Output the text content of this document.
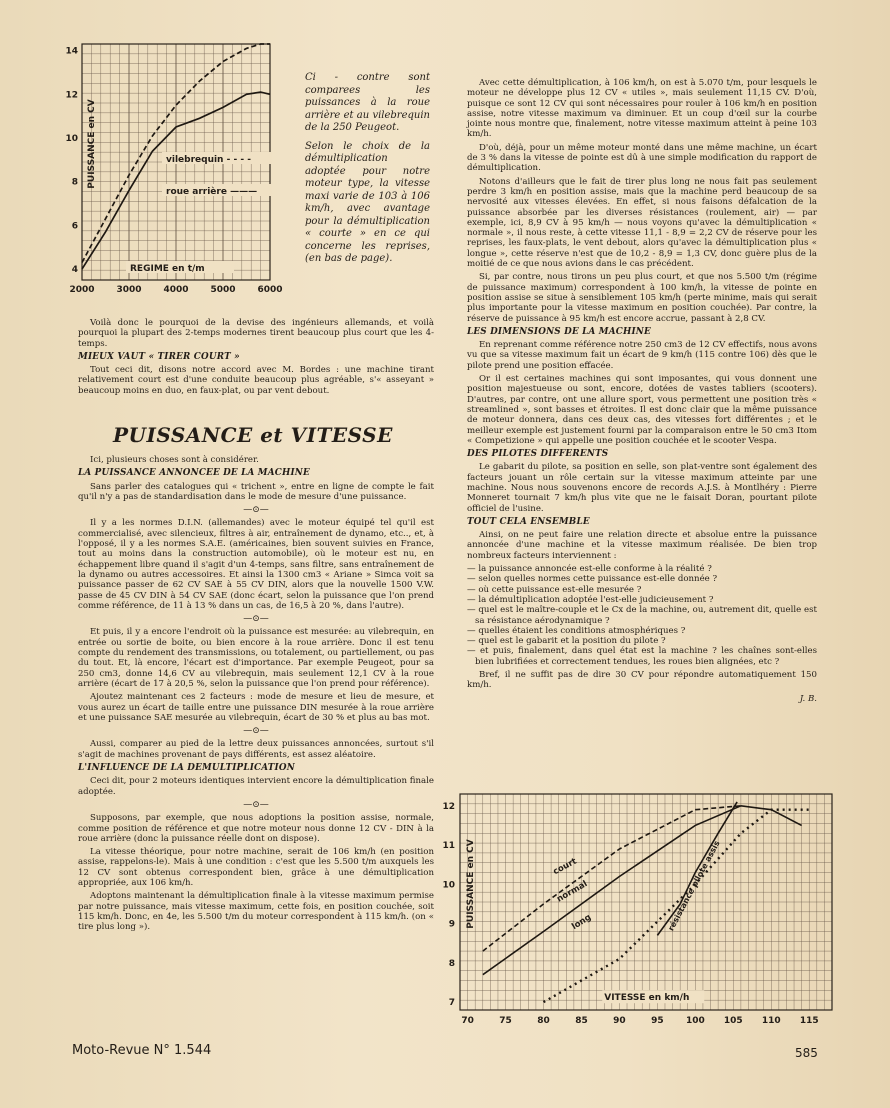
2000 3000 4000 5000 6000
4
6
8
10
12
14
PUISSANCE en CV	vilebrequin - - - -
roue arrière ———
REGIME en t/m

Ci - contre sont comparees les puissances à la roue arrière et au vilebrequin de la 250 Peugeot.

Selon le choix de la démultiplication adoptée pour notre moteur type, la vitesse maxi varie de 103 à 106 km/h, avec avantage pour la démultiplication « courte » en ce qui concerne les reprises, (en bas de page).

Voilà donc le pourquoi de la devise des ingénieurs allemands, et voilà pourquoi la plupart des 2-temps modernes tirent beaucoup plus court que les 4-temps.

MIEUX VAUT « TIRER COURT »

Tout ceci dit, disons notre accord avec M. Bordes : une machine tirant relativement court est d'une conduite beaucoup plus agréable, s'« asseyant » beaucoup moins en duo, en faux-plat, ou par vent debout.

PUISSANCE et VITESSE

Ici, plusieurs choses sont à considérer.

LA PUISSANCE ANNONCEE DE LA MACHINE

Sans parler des catalogues qui « trichent », entre en ligne de compte le fait qu'il n'y a pas de standardisation dans le mode de mesure d'une puissance.

—⊙—

Il y a les normes D.I.N. (allemandes) avec le moteur équipé tel qu'il est commercialisé, avec silencieux, filtres à air, entraînement de dynamo, etc.., et, à l'opposé, il y a les normes S.A.E. (américaines, bien souvent suivies en France, tout au moins dans la construction automobile), où le moteur est nu, en échappement libre quand il s'agit d'un 4-temps, sans filtre, sans entraînement de la dynamo ou autres accessoires. Et ainsi la 1300 cm3 « Ariane » Simca voit sa puissance passer de 62 CV SAE à 55 CV DIN, alors que la nouvelle 1500 V.W. passe de 45 CV DIN à 54 CV SAE (donc écart, selon la puissance que l'on prend comme référence, de 11 à 13 % dans un cas, de 16,5 à 20 %, dans l'autre).

—⊙—

Et puis, il y a encore l'endroit où la puissance est mesurée: au vilebrequin, en entrée ou sortie de boite, ou bien encore à la roue arrière. Donc il est tenu compte du rendement des transmissions, ou totalement, ou partiellement, ou pas du tout. Et, là encore, l'écart est d'importance. Par exemple Peugeot, pour sa 250 cm3, donne 14,6 CV au vilebrequin, mais seulement 12,1 CV à la roue arrière (écart de 17 à 20,5 %, selon la puissance que l'on prend pour référence).

Ajoutez maintenant ces 2 facteurs : mode de mesure et lieu de mesure, et vous aurez un écart de taille entre une puissance DIN mesurée à la roue arrière et une puissance SAE mesurée au vilebrequin, écart de 30 % et plus au bas mot.

—⊙—

Aussi, comparer au pied de la lettre deux puissances annoncées, surtout s'il s'agit de machines provenant de pays différents, est assez aléatoire.

L'INFLUENCE DE LA DEMULTIPLICATION

Ceci dit, pour 2 moteurs identiques intervient encore la démultiplication finale adoptée.

—⊙—

Supposons, par exemple, que nous adoptions la position assise, normale, comme position de référence et que notre moteur nous donne 12 CV - DIN à la roue arrière (donc la puissance réelle dont on dispose).

La vitesse théorique, pour notre machine, serait de 106 km/h (en position assise, rappelons-le). Mais à une condition : c'est que les 5.500 t/m auxquels les 12 CV sont obtenus correspondent bien, grâce à une démultiplication appropriée, aux 106 km/h.

Adoptons maintenant la démultiplication finale à la vitesse maximum permise par notre puissance, mais vitesse maximum, cette fois, en position couchée, soit 115 km/h. Donc, en 4e, les 5.500 t/m du moteur correspondent à 115 km/h. (on « tire plus long »).

Avec cette démultiplication, à 106 km/h, on est à 5.070 t/m, pour lesquels le moteur ne développe plus 12 CV « utiles », mais seulement 11,15 CV. D'où, puisque ce sont 12 CV qui sont nécessaires pour rouler à 106 km/h en position assise, notre vitesse maximum va diminuer. Et un coup d'œil sur la courbe jointe nous montre que, finalement, notre vitesse maximum atteint à peine 103 km/h.

D'où, déjà, pour un même moteur monté dans une même machine, un écart de 3 % dans la vitesse de pointe est dû à une simple modification du rapport de démultiplication.

Notons d'ailleurs que le fait de tirer plus long ne nous fait pas seulement perdre 3 km/h en position assise, mais que la machine perd beaucoup de sa nervosité aux vitesses élevées. En effet, si nous faisons défalcation de la puissance absorbée par les diverses résistances (roulement, air) — par exemple, ici, 8,9 CV à 95 km/h — nous voyons qu'avec la démultiplication « normale », il nous reste, à cette vitesse 11,1 - 8,9 = 2,2 CV de réserve pour les reprises, les faux-plats, le vent debout, alors qu'avec la démultiplication plus « longue », cette réserve n'est que de 10,2 - 8,9 = 1,3 CV, donc guère plus de la moitié de ce que nous avions dans le cas précédent.

Si, par contre, nous tirons un peu plus court, et que nos 5.500 t/m (régime de puissance maximum) correspondent à 100 km/h, la vitesse de pointe en position assise se situe à sensiblement 105 km/h (perte minime, mais qui serait plus importante pour la vitesse maximum en position couchée). Par contre, la réserve de puissance à 95 km/h est encore accrue, passant à 2,8 CV.

LES DIMENSIONS DE LA MACHINE

En reprenant comme référence notre 250 cm3 de 12 CV effectifs, nous avons vu que sa vitesse maximum fait un écart de 9 km/h (115 contre 106) dès que le pilote prend une position effacée.

Or il est certaines machines qui sont imposantes, qui vous donnent une position majestueuse ou sont, encore, dotées de vastes tabliers (scooters). D'autres, par contre, ont une allure sport, vous permettent une position très « streamlined », sont basses et étroites. Il est donc clair que la même puissance de moteur donnera, dans ces deux cas, des vitesses fort différentes ; et le meilleur exemple est justement fourni par la comparaison entre le 50 cm3 Itom « Competizione » qui appelle une position couchée et le scooter Vespa.

DES PILOTES DIFFERENTS

Le gabarit du pilote, sa position en selle, son plat-ventre sont également des facteurs jouant un rôle certain sur la vitesse maximum atteinte par une machine. Nous nous souvenons encore de records A.J.S. à Montlhéry : Pierre Monneret tournait 7 km/h plus vite que ne le faisait Doran, pourtant pilote officiel de l'usine.

TOUT CELA ENSEMBLE

Ainsi, on ne peut faire une relation directe et absolue entre la puissance annoncée d'une machine et la vitesse maximum réalisée. De bien trop nombreux facteurs interviennent :

— la puissance annoncée est-elle conforme à la réalité ?
— selon quelles normes cette puissance est-elle donnée ?
— où cette puissance est-elle mesurée ?
— la démultiplication adoptée l'est-elle judicieusement ?
— quel est le maître-couple et le Cx de la machine, ou, autrement dit, quelle est sa résistance aérodynamique ?
— quelles étaient les conditions atmosphériques ?
— quel est le gabarit et la position du pilote ?
— et puis, finalement, dans quel état est la machine ? les chaînes sont-elles bien lubrifiées et correctement tendues, les roues bien alignées, etc ?

Bref, il ne suffit pas de dire 30 CV pour répondre automatiquement 150 km/h.

J. B.

70	75	80	85	90	95 100 105 110 115
7
8
9
10
11
12
PUISSANCE en CV	court
normal
long	résistance pilote assis
VITESSE en km/h
Moto-Revue N° 1.544	585
